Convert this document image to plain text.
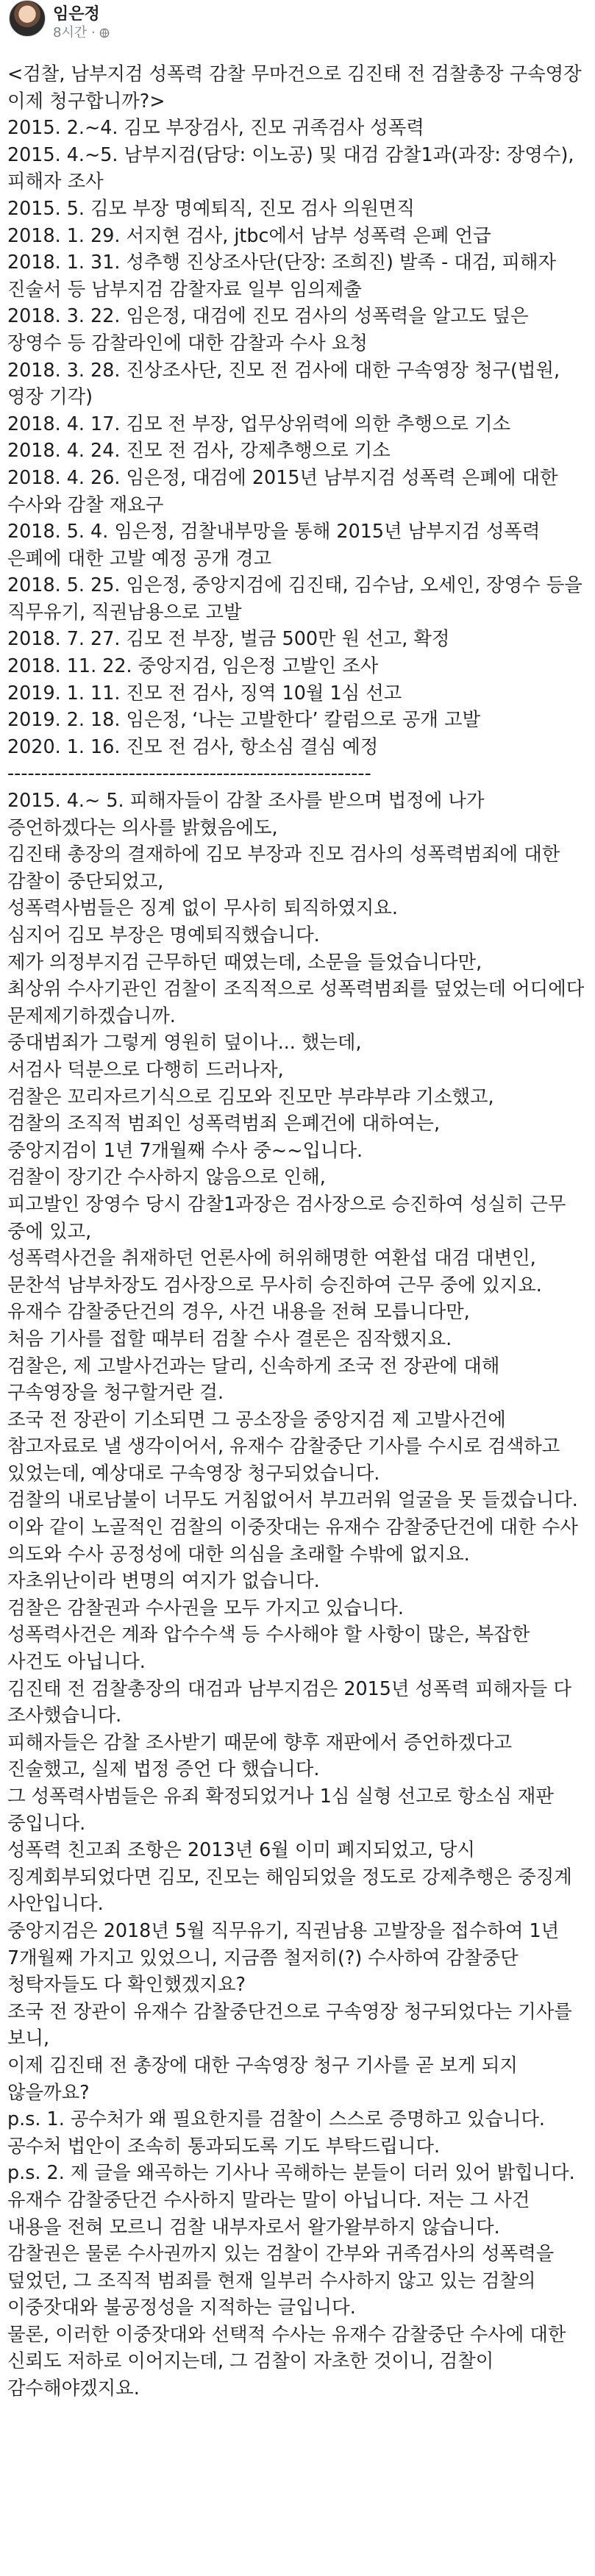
임은정
8시간 ·
<검찰, 남부지검 성폭력 감찰 무마건으로 김진태 전 검찰총장 구속영장 이제 청구합니까?>
2015. 2.~4. 김모 부장검사, 진모 귀족검사 성폭력
2015. 4.~5. 남부지검(담당: 이노공) 및 대검 감찰1과(과장: 장영수), 피해자 조사
2015. 5. 김모 부장 명예퇴직, 진모 검사 의원면직
2018. 1. 29. 서지현 검사, jtbc에서 남부 성폭력 은폐 언급
2018. 1. 31. 성추행 진상조사단(단장: 조희진) 발족 - 대검, 피해자 진술서 등 남부지검 감찰자료 일부 임의제출
2018. 3. 22. 임은정, 대검에 진모 검사의 성폭력을 알고도 덮은 장영수 등 감찰라인에 대한 감찰과 수사 요청
2018. 3. 28. 진상조사단, 진모 전 검사에 대한 구속영장 청구(법원, 영장 기각)
2018. 4. 17. 김모 전 부장, 업무상위력에 의한 추행으로 기소
2018. 4. 24. 진모 전 검사, 강제추행으로 기소
2018. 4. 26. 임은정, 대검에 2015년 남부지검 성폭력 은폐에 대한 수사와 감찰 재요구
2018. 5. 4. 임은정, 검찰내부망을 통해 2015년 남부지검 성폭력 은폐에 대한 고발 예정 공개 경고
2018. 5. 25. 임은정, 중앙지검에 김진태, 김수남, 오세인, 장영수 등을 직무유기, 직권남용으로 고발
2018. 7. 27. 김모 전 부장, 벌금 500만 원 선고, 확정
2018. 11. 22. 중앙지검, 임은정 고발인 조사
2019. 1. 11. 진모 전 검사, 징역 10월 1심 선고
2019. 2. 18. 임은정, ‘나는 고발한다’ 칼럼으로 공개 고발
2020. 1. 16. 진모 전 검사, 항소심 결심 예정
------------------------------------------------------
2015. 4.~ 5. 피해자들이 감찰 조사를 받으며 법정에 나가 증언하겠다는 의사를 밝혔음에도,
김진태 총장의 결재하에 김모 부장과 진모 검사의 성폭력범죄에 대한 감찰이 중단되었고,
성폭력사범들은 징계 없이 무사히 퇴직하였지요.
심지어 김모 부장은 명예퇴직했습니다.
제가 의정부지검 근무하던 때였는데, 소문을 들었습니다만,
최상위 수사기관인 검찰이 조직적으로 성폭력범죄를 덮었는데 어디에다 문제제기하겠습니까.
중대범죄가 그렇게 영원히 덮이나... 했는데,
서검사 덕분으로 다행히 드러나자,
검찰은 꼬리자르기식으로 김모와 진모만 부랴부랴 기소했고,
검찰의 조직적 범죄인 성폭력범죄 은폐건에 대하여는,
중앙지검이 1년 7개월째 수사 중~~입니다.
검찰이 장기간 수사하지 않음으로 인해,
피고발인 장영수 당시 감찰1과장은 검사장으로 승진하여 성실히 근무 중에 있고,
성폭력사건을 취재하던 언론사에 허위해명한 여환섭 대검 대변인, 문찬석 남부차장도 검사장으로 무사히 승진하여 근무 중에 있지요.
유재수 감찰중단건의 경우, 사건 내용을 전혀 모릅니다만,
처음 기사를 접할 때부터 검찰 수사 결론은 짐작했지요.
검찰은, 제 고발사건과는 달리, 신속하게 조국 전 장관에 대해 구속영장을 청구할거란 걸.
조국 전 장관이 기소되면 그 공소장을 중앙지검 제 고발사건에 참고자료로 낼 생각이어서, 유재수 감찰중단 기사를 수시로 검색하고 있었는데, 예상대로 구속영장 청구되었습니다.
검찰의 내로남불이 너무도 거침없어서 부끄러워 얼굴을 못 들겠습니다.
이와 같이 노골적인 검찰의 이중잣대는 유재수 감찰중단건에 대한 수사 의도와 수사 공정성에 대한 의심을 초래할 수밖에 없지요.
자초위난이라 변명의 여지가 없습니다.
검찰은 감찰권과 수사권을 모두 가지고 있습니다.
성폭력사건은 계좌 압수수색 등 수사해야 할 사항이 많은, 복잡한 사건도 아닙니다.
김진태 전 검찰총장의 대검과 남부지검은 2015년 성폭력 피해자들 다 조사했습니다.
피해자들은 감찰 조사받기 때문에 향후 재판에서 증언하겠다고 진술했고, 실제 법정 증언 다 했습니다.
그 성폭력사범들은 유죄 확정되었거나 1심 실형 선고로 항소심 재판 중입니다.
성폭력 친고죄 조항은 2013년 6월 이미 폐지되었고, 당시 징계회부되었다면 김모, 진모는 해임되었을 정도로 강제추행은 중징계 사안입니다.
중앙지검은 2018년 5월 직무유기, 직권남용 고발장을 접수하여 1년 7개월째 가지고 있었으니, 지금쯤 철저히(?) 수사하여 감찰중단 청탁자들도 다 확인했겠지요?
조국 전 장관이 유재수 감찰중단건으로 구속영장 청구되었다는 기사를 보니,
이제 김진태 전 총장에 대한 구속영장 청구 기사를 곧 보게 되지 않을까요?
p.s. 1. 공수처가 왜 필요한지를 검찰이 스스로 증명하고 있습니다. 공수처 법안이 조속히 통과되도록 기도 부탁드립니다.
p.s. 2. 제 글을 왜곡하는 기사나 곡해하는 분들이 더러 있어 밝힙니다. 유재수 감찰중단건 수사하지 말라는 말이 아닙니다. 저는 그 사건 내용을 전혀 모르니 검찰 내부자로서 왈가왈부하지 않습니다.
감찰권은 물론 수사권까지 있는 검찰이 간부와 귀족검사의 성폭력을 덮었던, 그 조직적 범죄를 현재 일부러 수사하지 않고 있는 검찰의 이중잣대와 불공정성을 지적하는 글입니다.
물론, 이러한 이중잣대와 선택적 수사는 유재수 감찰중단 수사에 대한 신뢰도 저하로 이어지는데, 그 검찰이 자초한 것이니, 검찰이 감수해야겠지요.
